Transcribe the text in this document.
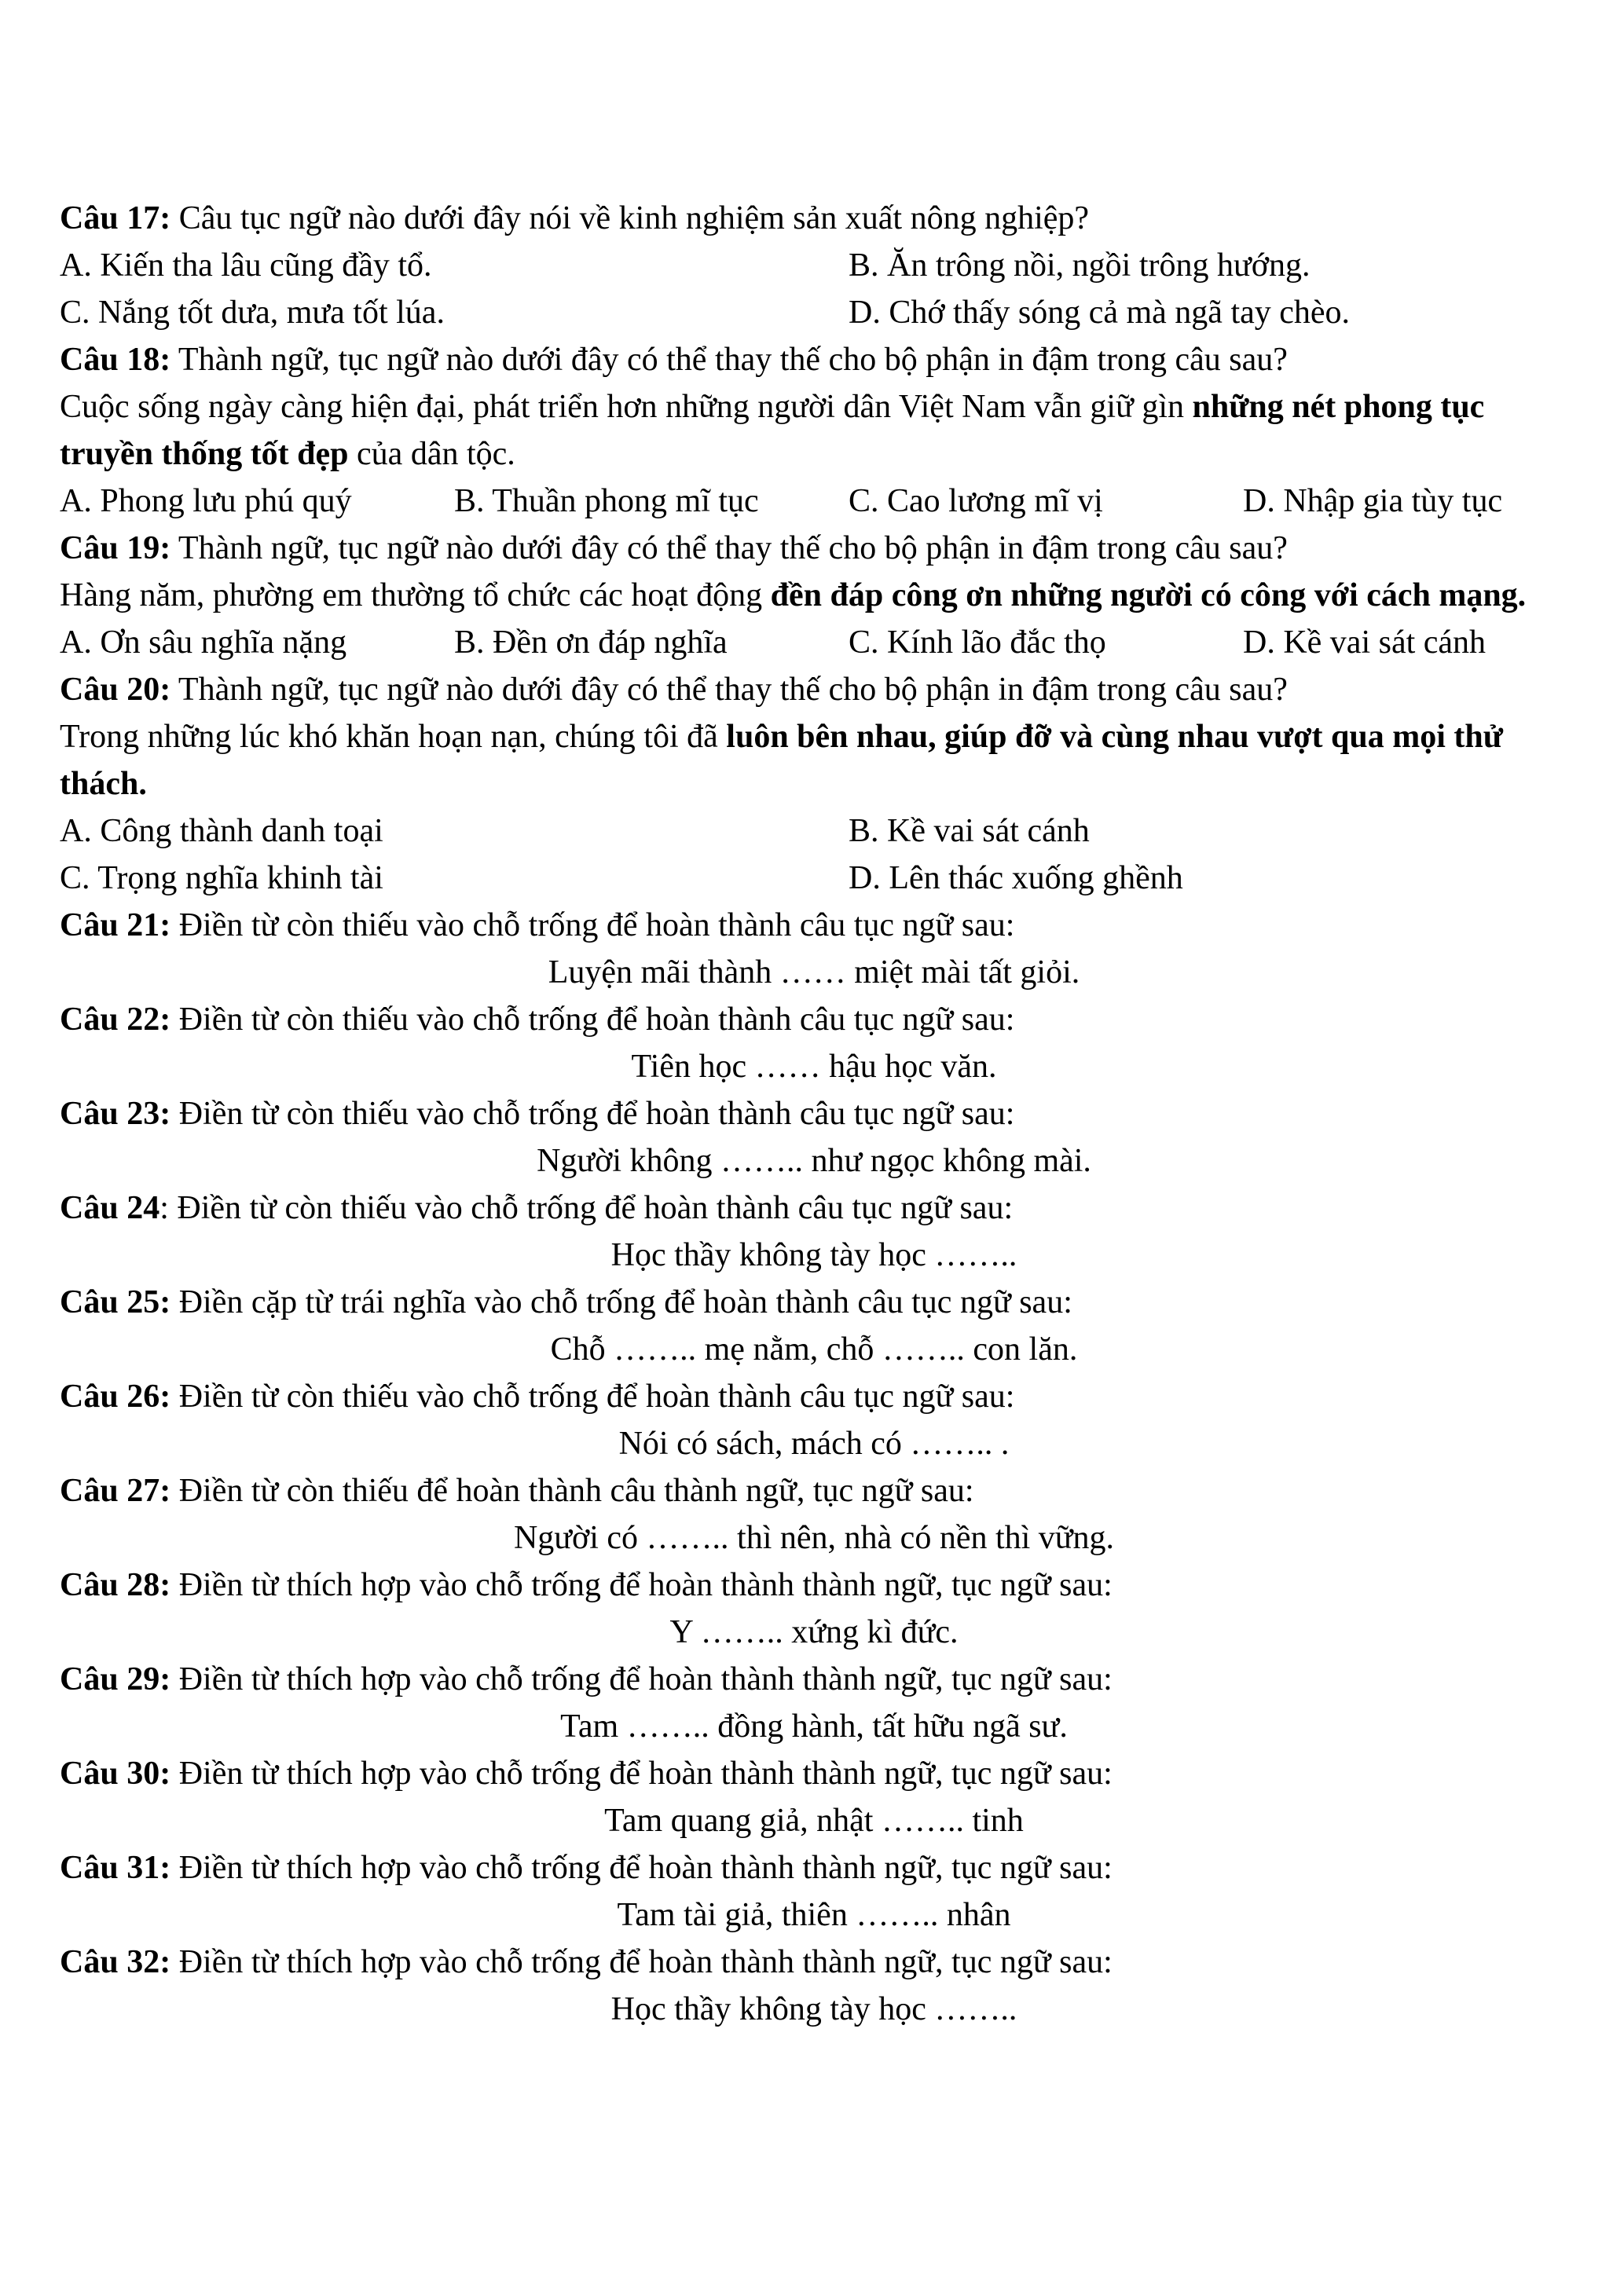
Câu 17: Câu tục ngữ nào dưới đây nói về kinh nghiệm sản xuất nông nghiệp?
A. Kiến tha lâu cũng đầy tổ.	B. Ăn trông nồi, ngồi trông hướng.
C. Nắng tốt dưa, mưa tốt lúa.	D. Chớ thấy sóng cả mà ngã tay chèo.
Câu 18: Thành ngữ, tục ngữ nào dưới đây có thể thay thế cho bộ phận in đậm trong câu sau?
Cuộc sống ngày càng hiện đại, phát triển hơn những người dân Việt Nam vẫn giữ gìn những nét phong tục truyền thống tốt đẹp của dân tộc.
A. Phong lưu phú quý	B. Thuần phong mĩ tục	C. Cao lương mĩ vị	D. Nhập gia tùy tục
Câu 19: Thành ngữ, tục ngữ nào dưới đây có thể thay thế cho bộ phận in đậm trong câu sau?
Hàng năm, phường em thường tổ chức các hoạt động đền đáp công ơn những người có công với cách mạng.
A. Ơn sâu nghĩa nặng	B. Đền ơn đáp nghĩa	C. Kính lão đắc thọ	D. Kề vai sát cánh
Câu 20: Thành ngữ, tục ngữ nào dưới đây có thể thay thế cho bộ phận in đậm trong câu sau?
Trong những lúc khó khăn hoạn nạn, chúng tôi đã luôn bên nhau, giúp đỡ và cùng nhau vượt qua mọi thử thách.
A. Công thành danh toại	B. Kề vai sát cánh
C. Trọng nghĩa khinh tài	D. Lên thác xuống ghềnh
Câu 21: Điền từ còn thiếu vào chỗ trống để hoàn thành câu tục ngữ sau:
Luyện mãi thành …… miệt mài tất giỏi.
Câu 22: Điền từ còn thiếu vào chỗ trống để hoàn thành câu tục ngữ sau:
Tiên học …… hậu học văn.
Câu 23: Điền từ còn thiếu vào chỗ trống để hoàn thành câu tục ngữ sau:
Người không …….. như ngọc không mài.
Câu 24: Điền từ còn thiếu vào chỗ trống để hoàn thành câu tục ngữ sau:
Học thầy không tày học ……..
Câu 25: Điền cặp từ trái nghĩa vào chỗ trống để hoàn thành câu tục ngữ sau:
Chỗ …….. mẹ nằm, chỗ …….. con lăn.
Câu 26: Điền từ còn thiếu vào chỗ trống để hoàn thành câu tục ngữ sau:
Nói có sách, mách có …….. .
Câu 27: Điền từ còn thiếu để hoàn thành câu thành ngữ, tục ngữ sau:
Người có …….. thì nên, nhà có nền thì vững.
Câu 28: Điền từ thích hợp vào chỗ trống để hoàn thành thành ngữ, tục ngữ sau:
Y …….. xứng kì đức.
Câu 29: Điền từ thích hợp vào chỗ trống để hoàn thành thành ngữ, tục ngữ sau:
Tam …….. đồng hành, tất hữu ngã sư.
Câu 30: Điền từ thích hợp vào chỗ trống để hoàn thành thành ngữ, tục ngữ sau:
Tam quang giả, nhật …….. tinh
Câu 31: Điền từ thích hợp vào chỗ trống để hoàn thành thành ngữ, tục ngữ sau:
Tam tài giả, thiên …….. nhân
Câu 32: Điền từ thích hợp vào chỗ trống để hoàn thành thành ngữ, tục ngữ sau:
Học thầy không tày học ……..
